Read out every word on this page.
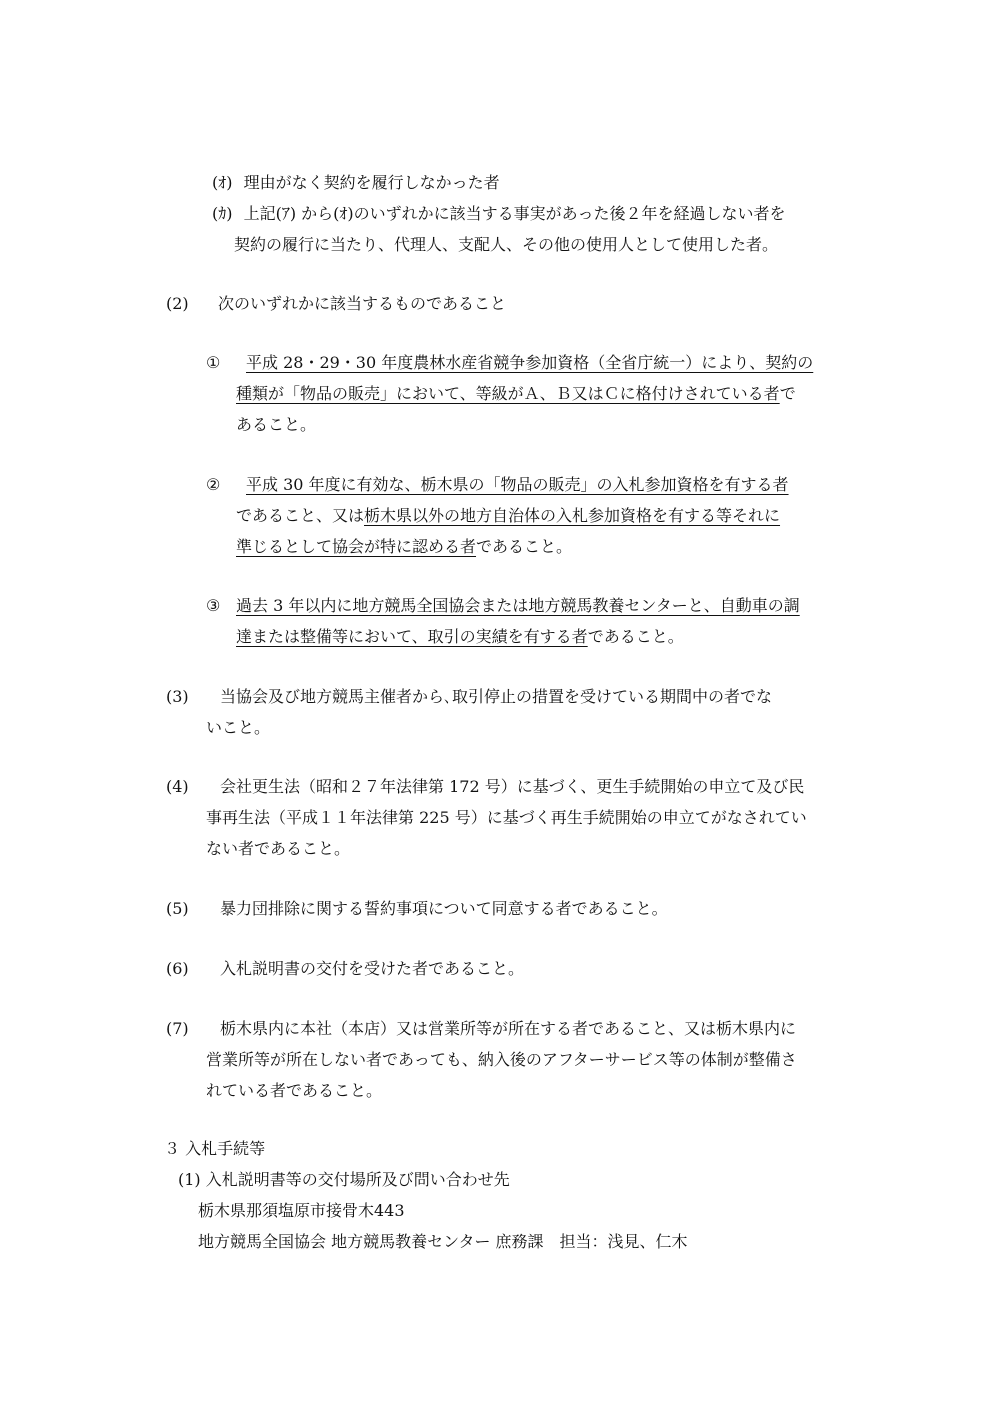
(ｵ) 理由がなく契約を履行しなかった者
(ｶ) 上記(ｱ) から(ｵ)のいずれかに該当する事実があった後２年を経過しない者を
契約の履行に当たり、代理人、支配人、その他の使用人として使用した者。
(2) 次のいずれかに該当するものであること
① 平成 28・29・30 年度農林水産省競争参加資格（全省庁統一）により、契約の
種類が「物品の販売」において、等級がＡ、Ｂ又はＣに格付けされている者で
あること。
② 平成 30 年度に有効な、栃木県の「物品の販売」の入札参加資格を有する者
であること、又は栃木県以外の地方自治体の入札参加資格を有する等それに
準じるとして協会が特に認める者であること。
③ 過去 3 年以内に地方競馬全国協会または地方競馬教養センターと、自動車の調
達または整備等において、取引の実績を有する者であること。
(3) 当協会及び地方競馬主催者から､取引停止の措置を受けている期間中の者でな
いこと。
(4) 会社更生法（昭和２７年法律第 172 号）に基づく、更生手続開始の申立て及び民
事再生法（平成１１年法律第 225 号）に基づく再生手続開始の申立てがなされてい
ない者であること。
(5) 暴力団排除に関する誓約事項について同意する者であること。
(6) 入札説明書の交付を受けた者であること。
(7) 栃木県内に本社（本店）又は営業所等が所在する者であること、又は栃木県内に
営業所等が所在しない者であっても、納入後のアフターサービス等の体制が整備さ
れている者であること。
３ 入札手続等
(1) 入札説明書等の交付場所及び問い合わせ先
栃木県那須塩原市接骨木443
地方競馬全国協会 地方競馬教養センター 庶務課　担当：浅見、仁木
